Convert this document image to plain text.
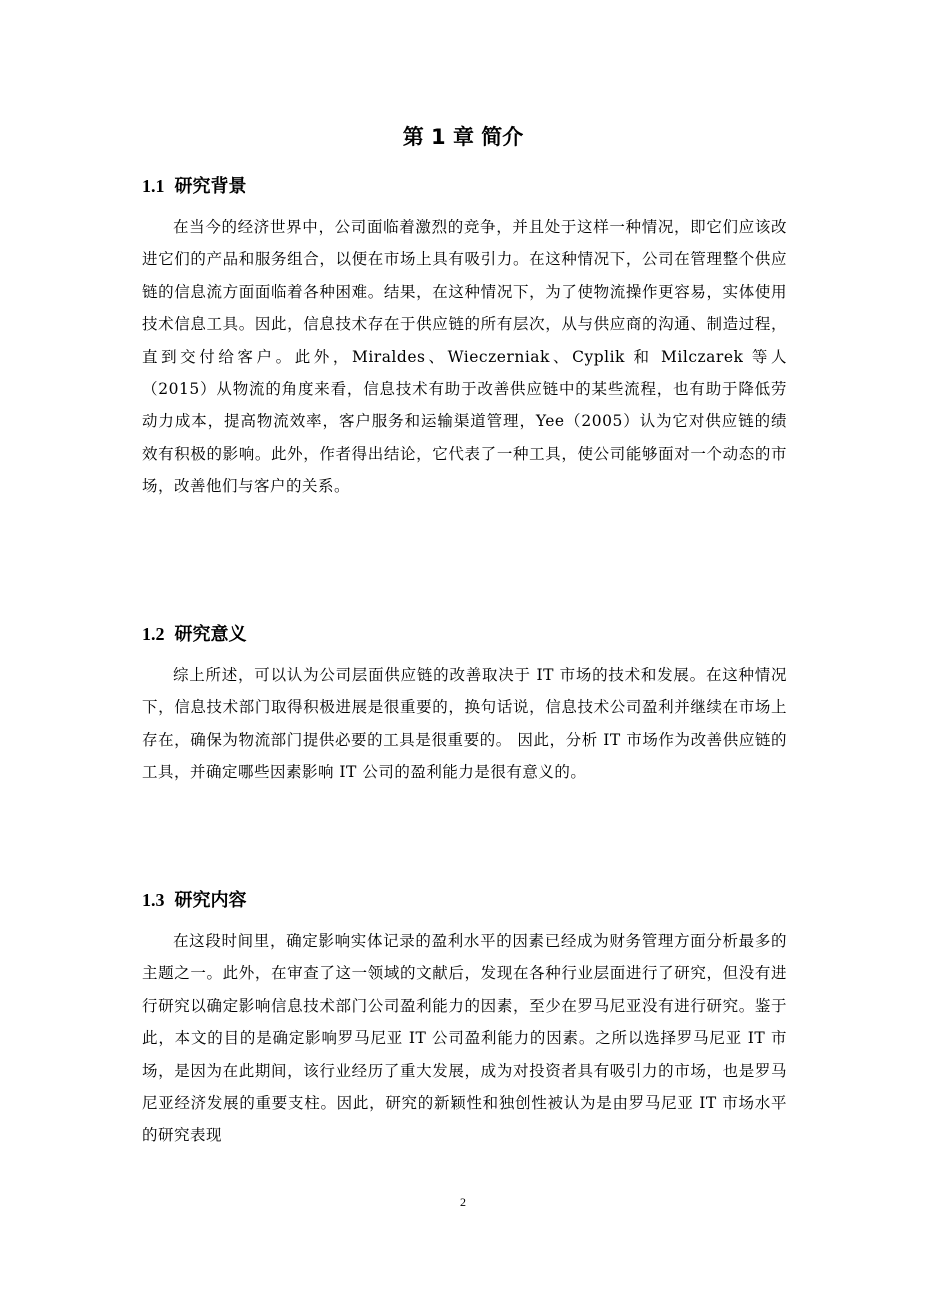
第 1 章 简介
1.1 研究背景

在当今的经济世界中，公司面临着激烈的竞争，并且处于这样一种情况，即它们应该改进它们的产品和服务组合，以便在市场上具有吸引力。在这种情况下，公司在管理整个供应链的信息流方面面临着各种困难。结果，在这种情况下，为了使物流操作更容易，实体使用技术信息工具。因此，信息技术存在于供应链的所有层次，从与供应商的沟通、制造过程，直到交付给客户。此外，Miraldes、Wieczerniak、Cyplik 和 Milczarek 等人（2015）从物流的角度来看，信息技术有助于改善供应链中的某些流程，也有助于降低劳动力成本，提高物流效率，客户服务和运输渠道管理，Yee（2005）认为它对供应链的绩效有积极的影响。此外，作者得出结论，它代表了一种工具，使公司能够面对一个动态的市场，改善他们与客户的关系。

1.2 研究意义

综上所述，可以认为公司层面供应链的改善取决于 IT 市场的技术和发展。在这种情况下，信息技术部门取得积极进展是很重要的，换句话说，信息技术公司盈利并继续在市场上存在，确保为物流部门提供必要的工具是很重要的。 因此，分析 IT 市场作为改善供应链的工具，并确定哪些因素影响 IT 公司的盈利能力是很有意义的。

1.3 研究内容

在这段时间里，确定影响实体记录的盈利水平的因素已经成为财务管理方面分析最多的主题之一。此外，在审查了这一领域的文献后，发现在各种行业层面进行了研究，但没有进行研究以确定影响信息技术部门公司盈利能力的因素，至少在罗马尼亚没有进行研究。鉴于此，本文的目的是确定影响罗马尼亚 IT 公司盈利能力的因素。之所以选择罗马尼亚 IT 市场，是因为在此期间，该行业经历了重大发展，成为对投资者具有吸引力的市场，也是罗马尼亚经济发展的重要支柱。因此，研究的新颖性和独创性被认为是由罗马尼亚 IT 市场水平的研究表现

2
